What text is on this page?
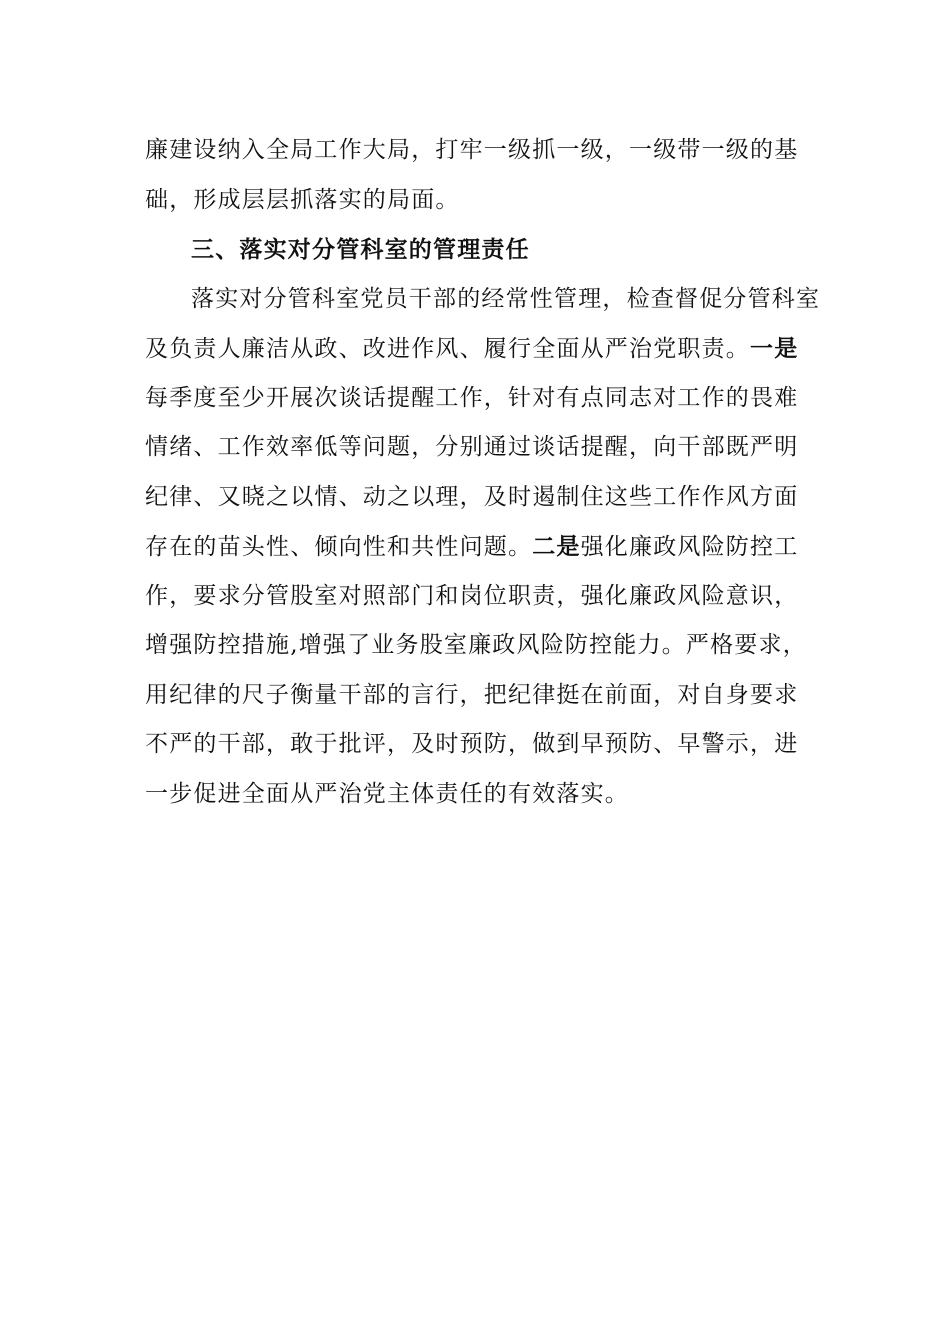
廉建设纳入全局工作大局，打牢一级抓一级，一级带一级的基
础，形成层层抓落实的局面。
三、落实对分管科室的管理责任
落实对分管科室党员干部的经常性管理，检查督促分管科室
及负责人廉洁从政、改进作风、履行全面从严治党职责。一是
每季度至少开展次谈话提醒工作，针对有点同志对工作的畏难
情绪、工作效率低等问题，分别通过谈话提醒，向干部既严明
纪律、又晓之以情、动之以理，及时遏制住这些工作作风方面
存在的苗头性、倾向性和共性问题。二是强化廉政风险防控工
作，要求分管股室对照部门和岗位职责，强化廉政风险意识，
增强防控措施,增强了业务股室廉政风险防控能力。严格要求，
用纪律的尺子衡量干部的言行，把纪律挺在前面，对自身要求
不严的干部，敢于批评，及时预防，做到早预防、早警示，进
一步促进全面从严治党主体责任的有效落实。
